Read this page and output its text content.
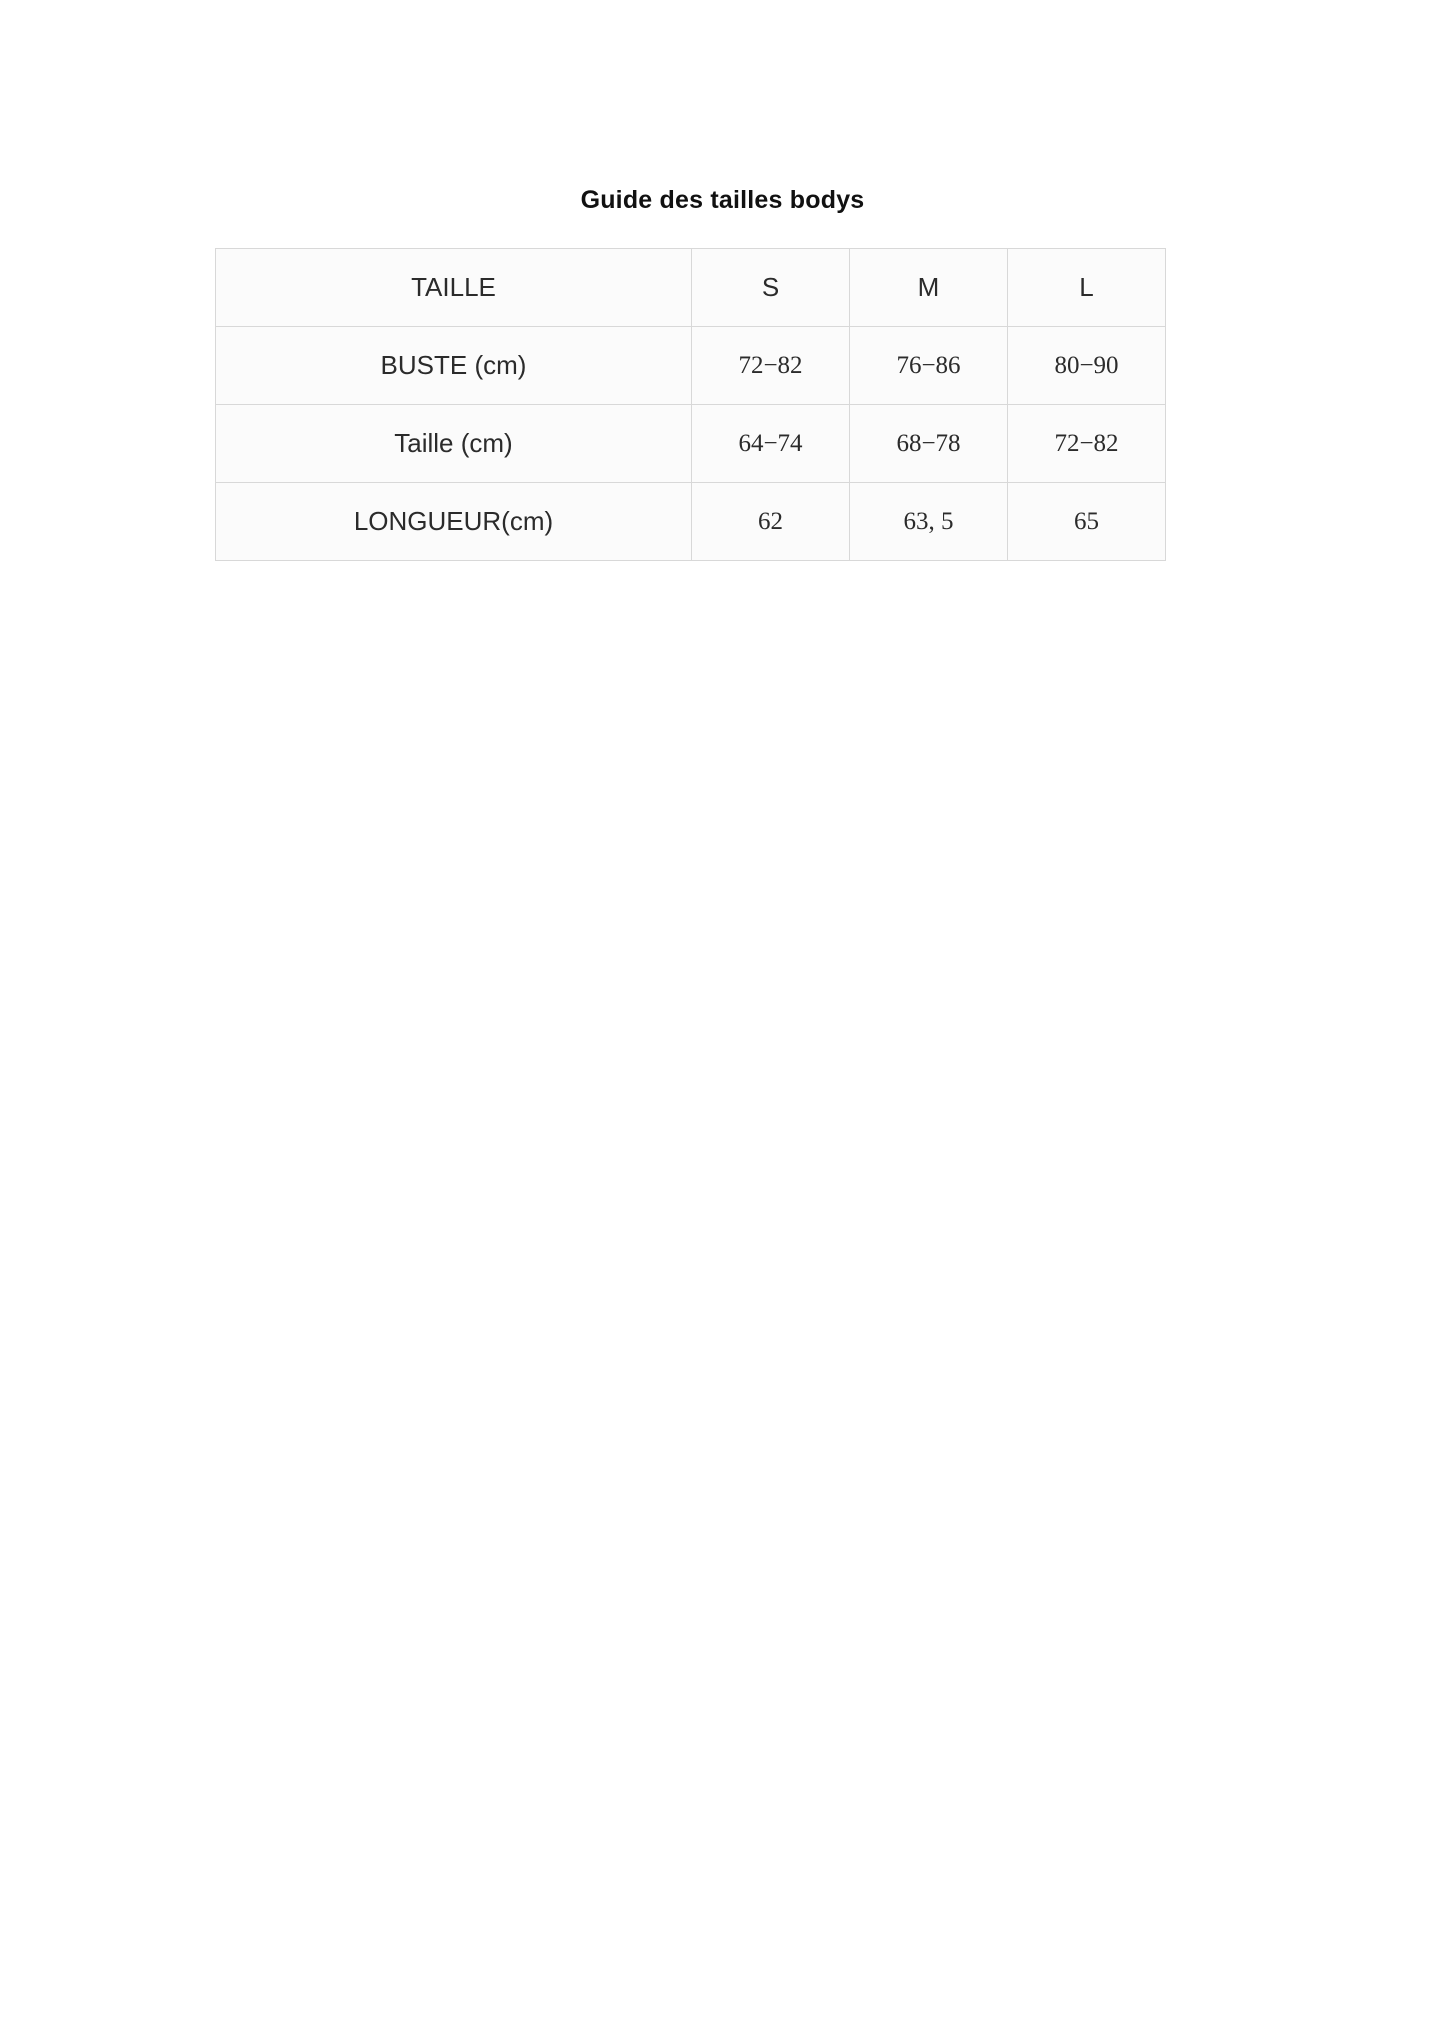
Guide des tailles bodys
TAILLE	S	M	L
BUSTE (cm)	72−82	76−86	80−90
Taille (cm)	64−74	68−78	72−82
LONGUEUR(cm)	62	63, 5	65
